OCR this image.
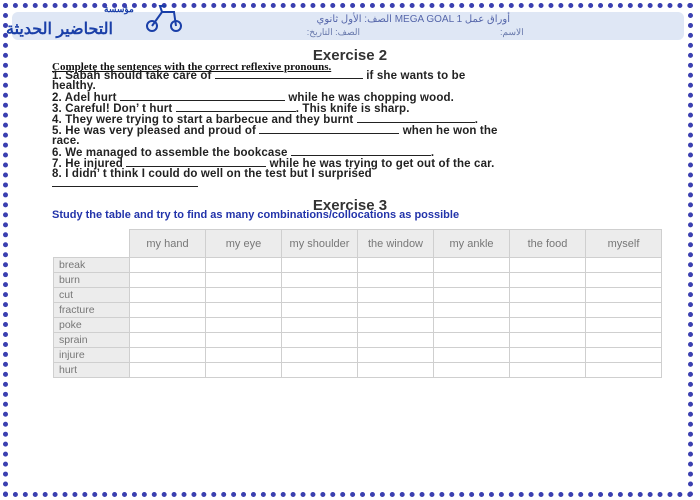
أوراق عمل MEGA GOAL 1 الصف: الأول ثانوي
الصف: التاريخ:	الاسم:
مؤسسة
التحاضير الحديثة
Exercise 2
Complete the sentences with the correct reflexive pronouns.
1. Sabah should take care of	if she wants to be
healthy.
2. Adel hurt	while he was chopping wood.
3. Careful! Don’ t hurt	. This knife is sharp.
4. They were trying to start a barbecue and they burnt	.
5. He was very pleased and proud of	when he won the
race.
6. We managed to assemble the bookcase	.
7. He injured	while he was trying to get out of the car.
8. I didn’ t think I could do well on the test but I surprised
Exercise 3
Study the table and try to find as many combinations/collocations as possible
	my hand	my eye	my shoulder	the window	my ankle	the food	myself
break							
burn							
cut							
fracture							
poke							
sprain							
injure							
hurt							
